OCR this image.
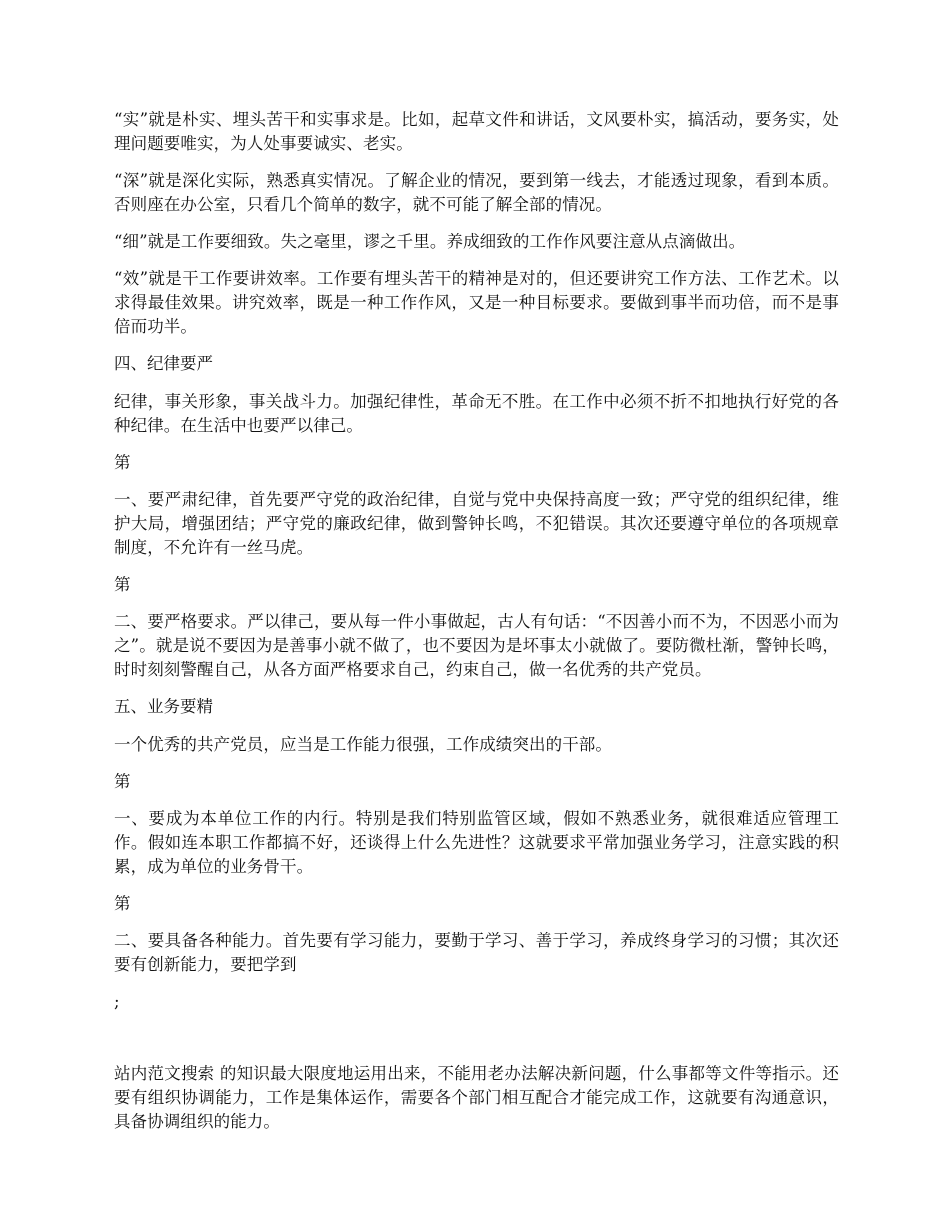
“实”就是朴实、埋头苦干和实事求是。比如，起草文件和讲话，文风要朴实，搞活动，要务实，处理问题要唯实，为人处事要诚实、老实。

“深”就是深化实际，熟悉真实情况。了解企业的情况，要到第一线去，才能透过现象，看到本质。否则座在办公室，只看几个简单的数字，就不可能了解全部的情况。

“细”就是工作要细致。失之毫里，谬之千里。养成细致的工作作风要注意从点滴做出。

“效”就是干工作要讲效率。工作要有埋头苦干的精神是对的，但还要讲究工作方法、工作艺术。以求得最佳效果。讲究效率，既是一种工作作风，又是一种目标要求。要做到事半而功倍，而不是事倍而功半。

四、纪律要严

纪律，事关形象，事关战斗力。加强纪律性，革命无不胜。在工作中必须不折不扣地执行好党的各种纪律。在生活中也要严以律己。

第

一、要严肃纪律，首先要严守党的政治纪律，自觉与党中央保持高度一致；严守党的组织纪律，维护大局，增强团结；严守党的廉政纪律，做到警钟长鸣，不犯错误。其次还要遵守单位的各项规章制度，不允许有一丝马虎。

第

二、要严格要求。严以律己，要从每一件小事做起，古人有句话：“不因善小而不为，不因恶小而为之”。就是说不要因为是善事小就不做了，也不要因为是坏事太小就做了。要防微杜渐，警钟长鸣，时时刻刻警醒自己，从各方面严格要求自己，约束自己，做一名优秀的共产党员。

五、业务要精

一个优秀的共产党员，应当是工作能力很强，工作成绩突出的干部。

第

一、要成为本单位工作的内行。特别是我们特别监管区域，假如不熟悉业务，就很难适应管理工作。假如连本职工作都搞不好，还谈得上什么先进性？这就要求平常加强业务学习，注意实践的积累，成为单位的业务骨干。

第

二、要具备各种能力。首先要有学习能力，要勤于学习、善于学习，养成终身学习的习惯；其次还要有创新能力，要把学到

;

站内范文搜索 的知识最大限度地运用出来，不能用老办法解决新问题，什么事都等文件等指示。还要有组织协调能力，工作是集体运作，需要各个部门相互配合才能完成工作，这就要有沟通意识，具备协调组织的能力。
